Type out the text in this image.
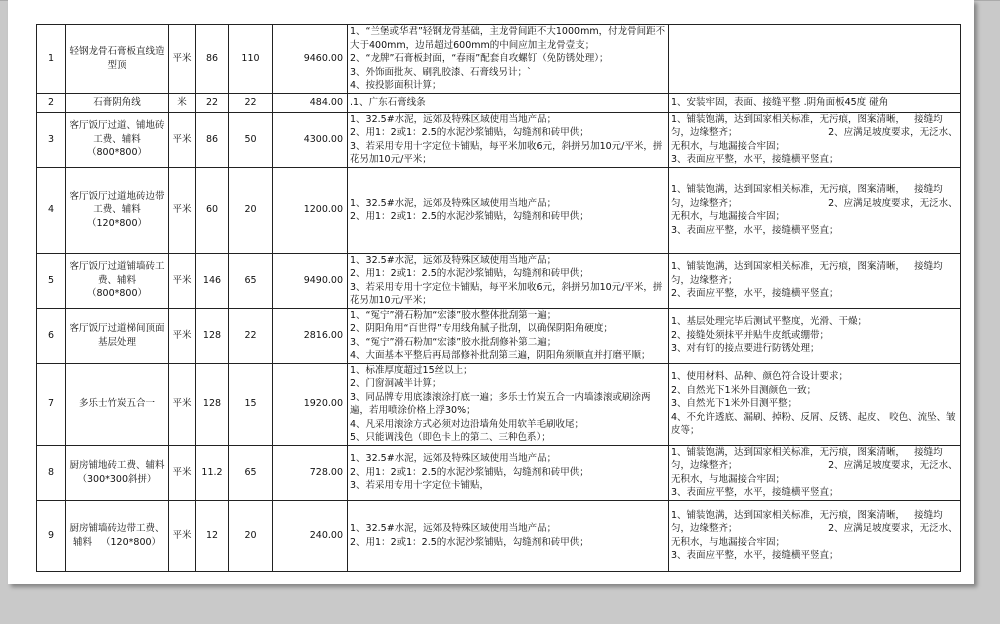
1	轻钢龙骨石膏板直线造型顶	平米	86	110	9460.00	1、“兰堡或华君”轻钢龙骨基础，主龙骨间距不大1000mm，付龙骨间距不大于400mm，边吊超过600mm的中间应加主龙骨壹支；
2、“龙牌”石膏板封面，“春雨”配套自攻螺钉（免防锈处理）；
3、外饰面批灰、刷乳胶漆、石膏线另计；`
4、按投影面积计算；	
2	石膏阴角线	米	22	22	484.00	.1、广东石膏线条	1、安装牢固，表面、接缝平整 .阴角面板45度 碰角
3	客厅饭厅过道、铺地砖工费、辅料
（800*800）	平米	86	50	4300.00	1、32.5#水泥，远郊及特殊区域使用当地产品；
2、用1：2或1：2.5的水泥沙浆铺贴，勾缝剂和砖甲供；
3、若采用专用十字定位卡铺贴，每平米加收6元，斜拼另加10元/平米，拼花另加10元/平米；	1、铺装饱满，达到国家相关标准，无污痕，图案清晰，   接缝均匀，边缘整齐；                              2、应满足坡度要求，无泛水、无积水，与地漏接合牢固；
3、表面应平整，水平，接缝横平竖直；
4	客厅饭厅过道地砖边带工费、辅料
（120*800）	平米	60	20	1200.00	1、32.5#水泥，远郊及特殊区域使用当地产品；
2、用1：2或1：2.5的水泥沙浆铺贴，勾缝剂和砖甲供；	1、铺装饱满，达到国家相关标准，无污痕，图案清晰，   接缝均匀，边缘整齐；                              2、应满足坡度要求，无泛水、无积水，与地漏接合牢固；
3、表面应平整，水平，接缝横平竖直；
5	客厅饭厅过道铺墙砖工费、辅料
（800*800）	平米	146	65	9490.00	1、32.5#水泥，远郊及特殊区域使用当地产品；
2、用1：2或1：2.5的水泥沙浆铺贴，勾缝剂和砖甲供；
3、若采用专用十字定位卡铺贴，每平米加收6元，斜拼另加10元/平米，拼花另加10元/平米；	1、铺装饱满，达到国家相关标准，无污痕，图案清晰，   接缝均匀，边缘整齐；
2、表面应平整，水平，接缝横平竖直；
6	客厅饭厅过道梯间顶面基层处理	平米	128	22	2816.00	1、“冤宁”滑石粉加“宏漆”胶水整体批刮第一遍；
2、阴阳角用“百世得”专用线角腻子批刮，以确保阴阳角硬度；
3、“冤宁”滑石粉加“宏漆”胶水批刮修补第二遍；
4、大面基本平整后再局部修补批刮第三遍，阴阳角须顺直并打磨平顺；	1、基层处理完毕后测试平整度，光滑、干燥；
2、接缝处须抹平并贴牛皮纸或绷带；
3、对有钉的接点要进行防锈处理；
7	多乐士竹炭五合一	平米	128	15	1920.00	1、标准厚度超过15丝以上；
2、门窗洞减半计算；
3、同品牌专用底漆滚涂打底一遍；多乐士竹炭五合一内墙漆滚或刷涂两遍，若用喷涂价格上浮30%；
4、凡采用滚涂方式必须对边沿墙角处用软羊毛刷收尾；
5、只能调浅色（即色卡上的第二、三种色系）；	1、使用材料、品种、颜色符合设计要求；
2、自然光下1米外目测颜色一致；
3、自然光下1米外目测平整；
4、不允许透底、漏刷、掉粉、反屑、反锈、起皮、 咬色、流坠、皱皮等；
8	厨房铺地砖工费、辅料   （300*300斜拼）	平米	11.2	65	728.00	1、32.5#水泥，远郊及特殊区域使用当地产品；
2、用1：2或1：2.5的水泥沙浆铺贴，勾缝剂和砖甲供；
3、若采用专用十字定位卡铺贴，	1、铺装饱满，达到国家相关标准，无污痕，图案清晰，   接缝均匀，边缘整齐；                              2、应满足坡度要求，无泛水、无积水，与地漏接合牢固；
3、表面应平整，水平，接缝横平竖直；
9	厨房铺墙砖边带工费、辅料   （120*800）	平米	12	20	240.00	1、32.5#水泥，远郊及特殊区域使用当地产品；
2、用1：2或1：2.5的水泥沙浆铺贴，勾缝剂和砖甲供；	1、铺装饱满，达到国家相关标准，无污痕，图案清晰，   接缝均匀，边缘整齐；                              2、应满足坡度要求，无泛水、无积水，与地漏接合牢固；
3、表面应平整，水平，接缝横平竖直；
